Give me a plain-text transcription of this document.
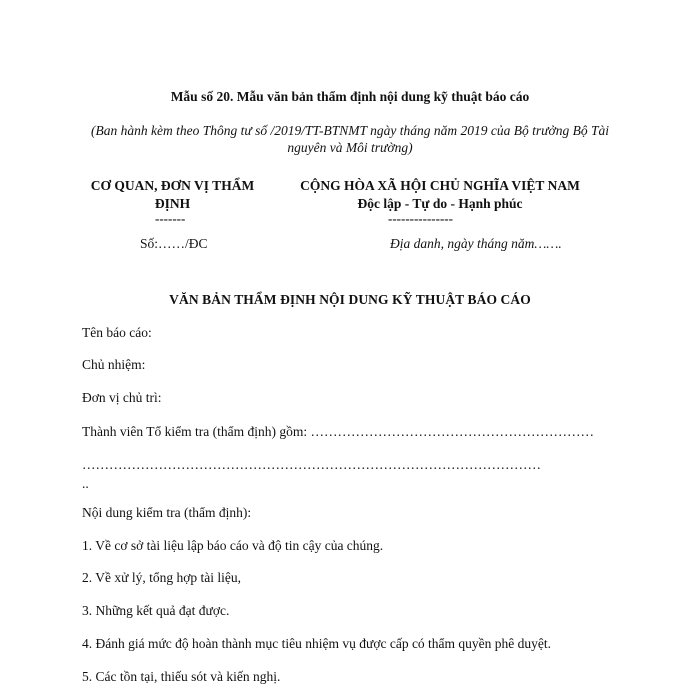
Mẫu số 20. Mẫu văn bản thẩm định nội dung kỹ thuật báo cáo
(Ban hành kèm theo Thông tư số /2019/TT-BTNMT ngày tháng năm 2019 của Bộ trưởng Bộ Tài nguyên và Môi trường)
CƠ QUAN, ĐƠN VỊ THẨM ĐỊNH
-------
Số:……/ĐC
CỘNG HÒA XÃ HỘI CHỦ NGHĨA VIỆT NAM
Độc lập - Tự do - Hạnh phúc
---------------
Địa danh, ngày tháng năm…….
VĂN BẢN THẨM ĐỊNH NỘI DUNG KỸ THUẬT BÁO CÁO
Tên báo cáo:
Chủ nhiệm:
Đơn vị chủ trì:
Thành viên Tổ kiểm tra (thẩm định) gồm: ………………………………………………………
…………………………………………………………………………………………
..
Nội dung kiểm tra (thẩm định):
1. Về cơ sở tài liệu lập báo cáo và độ tin cậy của chúng.
2. Về xử lý, tổng hợp tài liệu,
3. Những kết quả đạt được.
4. Đánh giá mức độ hoàn thành mục tiêu nhiệm vụ được cấp có thẩm quyền phê duyệt.
5. Các tồn tại, thiếu sót và kiến nghị.
